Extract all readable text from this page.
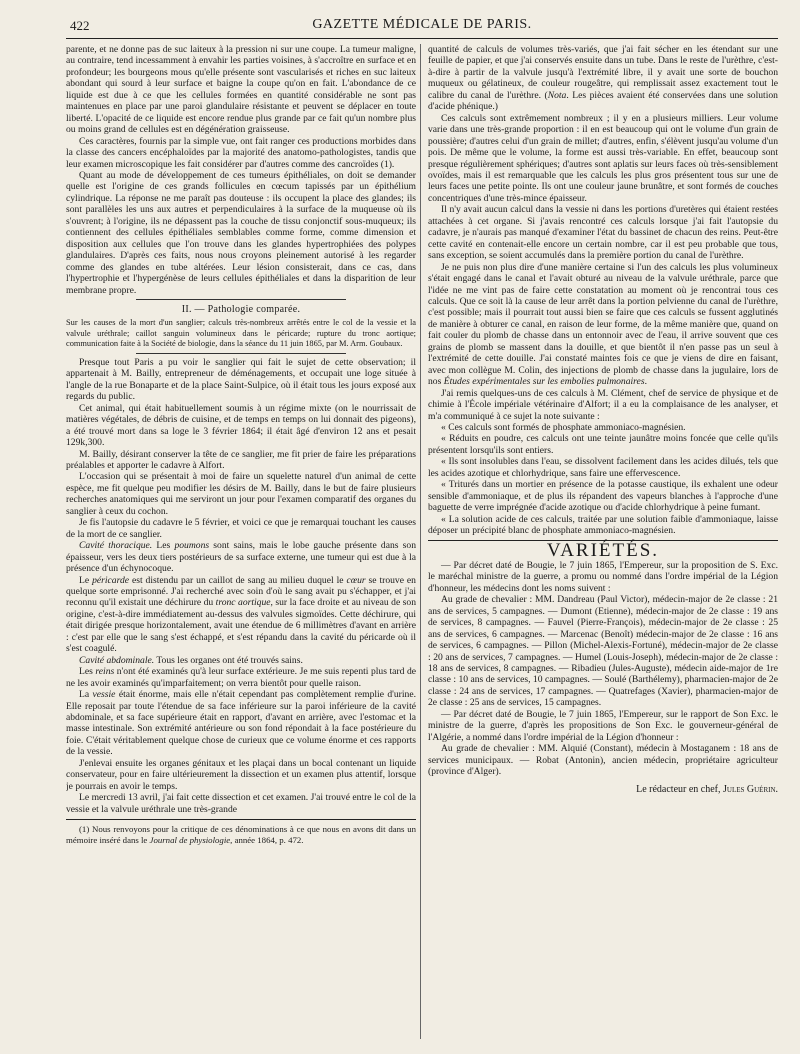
422	GAZETTE MÉDICALE DE PARIS.

parente, et ne donne pas de suc laiteux à la pression ni sur une coupe. La tumeur maligne, au contraire, tend incessamment à envahir les parties voisines, à s'accroître en surface et en profondeur; les bourgeons mous qu'elle présente sont vascularisés et riches en suc laiteux abondant qui sourd à leur surface et baigne la coupe qu'on en fait. L'abondance de ce liquide est due à ce que les cellules formées en quantité considérable ne sont pas maintenues en place par une paroi glandulaire résistante et peuvent se déplacer en toute liberté. L'opacité de ce liquide est encore rendue plus grande par ce fait qu'un nombre plus ou moins grand de cellules est en dégénération graisseuse.

Ces caractères, fournis par la simple vue, ont fait ranger ces productions morbides dans la classe des cancers encéphaloïdes par la majorité des anatomo-pathologistes, tandis que leur examen microscopique les fait considérer par d'autres comme des cancroïdes (1).

Quant au mode de développement de ces tumeurs épithéliales, on doit se demander quelle est l'origine de ces grands follicules en cœcum tapissés par un épithélium cylindrique. La réponse ne me paraît pas douteuse : ils occupent la place des glandes; ils sont parallèles les uns aux autres et perpendiculaires à la surface de la muqueuse où ils s'ouvrent; à l'origine, ils ne dépassent pas la couche de tissu conjonctif sous-muqueux; ils contiennent des cellules épithéliales semblables comme forme, comme dimension et disposition aux cellules que l'on trouve dans les glandes hypertrophiées des polypes glandulaires. D'après ces faits, nous nous croyons pleinement autorisé à les regarder comme des glandes en tube altérées. Leur lésion consisterait, dans ce cas, dans l'hypertrophie et l'hypergénèse de leurs cellules épithéliales et dans la disparition de leur membrane propre.

II. — Pathologie comparée.

Sur les causes de la mort d'un sanglier; calculs très-nombreux arrêtés entre le col de la vessie et la valvule uréthrale; caillot sanguin volumineux dans le péricarde; rupture du tronc aortique; communication faite à la Société de biologie, dans la séance du 11 juin 1865, par M. Arm. Goubaux.

Presque tout Paris a pu voir le sanglier qui fait le sujet de cette observation; il appartenait à M. Bailly, entrepreneur de déménagements, et occupait une loge située à l'angle de la rue Bonaparte et de la place Saint-Sulpice, où il était tous les jours exposé aux regards du public.

Cet animal, qui était habituellement soumis à un régime mixte (on le nourrissait de matières végétales, de débris de cuisine, et de temps en temps on lui donnait des pigeons), a été trouvé mort dans sa loge le 3 février 1864; il était âgé d'environ 12 ans et pesait 129k,300.

M. Bailly, désirant conserver la tête de ce sanglier, me fit prier de faire les préparations préalables et apporter le cadavre à Alfort.

L'occasion qui se présentait à moi de faire un squelette naturel d'un animal de cette espèce, me fit quelque peu modifier les désirs de M. Bailly, dans le but de faire plusieurs recherches anatomiques qui me serviront un jour pour l'examen comparatif des organes du sanglier à ceux du cochon.

Je fis l'autopsie du cadavre le 5 février, et voici ce que je remarquai touchant les causes de la mort de ce sanglier.

Cavité thoracique. Les poumons sont sains, mais le lobe gauche présente dans son épaisseur, vers les deux tiers postérieurs de sa surface externe, une tumeur qui est due à la présence d'un échynocoque.

Le péricarde est distendu par un caillot de sang au milieu duquel le cœur se trouve en quelque sorte emprisonné. J'ai recherché avec soin d'où le sang avait pu s'échapper, et j'ai reconnu qu'il existait une déchirure du tronc aortique, sur la face droite et au niveau de son origine, c'est-à-dire immédiatement au-dessus des valvules sigmoïdes. Cette déchirure, qui était dirigée presque horizontalement, avait une étendue de 6 millimètres d'avant en arrière : c'est par elle que le sang s'est échappé, et s'est répandu dans la cavité du péricarde où il s'est coagulé.

Cavité abdominale. Tous les organes ont été trouvés sains.

Les reins n'ont été examinés qu'à leur surface extérieure. Je me suis repenti plus tard de ne les avoir examinés qu'imparfaitement; on verra bientôt pour quelle raison.

La vessie était énorme, mais elle n'était cependant pas complètement remplie d'urine. Elle reposait par toute l'étendue de sa face inférieure sur la paroi inférieure de la cavité abdominale, et sa face supérieure était en rapport, d'avant en arrière, avec l'estomac et la masse intestinale. Son extrémité antérieure ou son fond répondait à la face postérieure du foie. C'était véritablement quelque chose de curieux que ce volume énorme et ces rapports de la vessie.

J'enlevai ensuite les organes génitaux et les plaçai dans un bocal contenant un liquide conservateur, pour en faire ultérieurement la dissection et un examen plus attentif, lorsque je pourrais en avoir le temps.

Le mercredi 13 avril, j'ai fait cette dissection et cet examen. J'ai trouvé entre le col de la vessie et la valvule uréthrale une très-grande

(1) Nous renvoyons pour la critique de ces dénominations à ce que nous en avons dit dans un mémoire inséré dans le Journal de physiologie, année 1864, p. 472.

quantité de calculs de volumes très-variés, que j'ai fait sécher en les étendant sur une feuille de papier, et que j'ai conservés ensuite dans un tube. Dans le reste de l'urèthre, c'est-à-dire à partir de la valvule jusqu'à l'extrémité libre, il y avait une sorte de bouchon muqueux ou gélatineux, de couleur rougeâtre, qui remplissait assez exactement tout le calibre du canal de l'urèthre. (Nota. Les pièces avaient été conservées dans une solution d'acide phénique.)

Ces calculs sont extrêmement nombreux ; il y en a plusieurs milliers. Leur volume varie dans une très-grande proportion : il en est beaucoup qui ont le volume d'un grain de poussière; d'autres celui d'un grain de millet; d'autres, enfin, s'élèvent jusqu'au volume d'un pois. De même que le volume, la forme est aussi très-variable. En effet, beaucoup sont presque régulièrement sphériques; d'autres sont aplatis sur leurs faces où très-sensiblement ovoïdes, mais il est remarquable que les calculs les plus gros présentent tous sur une de leurs faces une petite pointe. Ils ont une couleur jaune brunâtre, et sont formés de couches concentriques d'une très-mince épaisseur.

Il n'y avait aucun calcul dans la vessie ni dans les portions d'uretères qui étaient restées attachées à cet organe. Si j'avais rencontré ces calculs lorsque j'ai fait l'autopsie du cadavre, je n'aurais pas manqué d'examiner l'état du bassinet de chacun des reins. Peut-être cette cavité en contenait-elle encore un certain nombre, car il est peu probable que tous, sans exception, se soient accumulés dans la première portion du canal de l'urèthre.

Je ne puis non plus dire d'une manière certaine si l'un des calculs les plus volumineux s'était engagé dans le canal et l'avait obturé au niveau de la valvule uréthrale, parce que l'idée ne me vint pas de faire cette constatation au moment où je rencontrai tous ces calculs. Que ce soit là la cause de leur arrêt dans la portion pelvienne du canal de l'urèthre, c'est possible; mais il pourrait tout aussi bien se faire que ces calculs se fussent agglutinés de manière à obturer ce canal, en raison de leur forme, de la même manière que, quand on fait couler du plomb de chasse dans un entonnoir avec de l'eau, il arrive souvent que ces grains de plomb se massent dans la douille, et que bientôt il n'en passe pas un seul à l'extrémité de cette douille. J'ai constaté maintes fois ce que je viens de dire en faisant, avec mon collègue M. Colin, des injections de plomb de chasse dans la jugulaire, lors de nos Études expérimentales sur les embolies pulmonaires.

J'ai remis quelques-uns de ces calculs à M. Clément, chef de service de physique et de chimie à l'École impériale vétérinaire d'Alfort; il a eu la complaisance de les analyser, et m'a communiqué à ce sujet la note suivante :

« Ces calculs sont formés de phosphate ammoniaco-magnésien.

« Réduits en poudre, ces calculs ont une teinte jaunâtre moins foncée que celle qu'ils présentent lorsqu'ils sont entiers.

« Ils sont insolubles dans l'eau, se dissolvent facilement dans les acides dilués, tels que les acides azotique et chlorhydrique, sans faire une effervescence.

« Triturés dans un mortier en présence de la potasse caustique, ils exhalent une odeur sensible d'ammoniaque, et de plus ils répandent des vapeurs blanches à l'approche d'une baguette de verre imprégnée d'acide azotique ou d'acide chlorhydrique à peine fumant.

« La solution acide de ces calculs, traitée par une solution faible d'ammoniaque, laisse déposer un précipité blanc de phosphate ammoniaco-magnésien.

VARIÉTÉS.

— Par décret daté de Bougie, le 7 juin 1865, l'Empereur, sur la proposition de S. Exc. le maréchal ministre de la guerre, a promu ou nommé dans l'ordre impérial de la Légion d'honneur, les médecins dont les noms suivent :

Au grade de chevalier : MM. Dandreau (Paul Victor), médecin-major de 2e classe : 21 ans de services, 5 campagnes. — Dumont (Etienne), médecin-major de 2e classe : 19 ans de services, 8 campagnes. — Fauvel (Pierre-François), médecin-major de 2e classe : 25 ans de services, 6 campagnes. — Marcenac (Benoît) médecin-major de 2e classe : 16 ans de services, 6 campagnes. — Pillon (Michel-Alexis-Fortuné), médecin-major de 2e classe : 20 ans de services, 7 campagnes. — Humel (Louis-Joseph), médecin-major de 2e classe : 18 ans de services, 8 campagnes. — Ribadieu (Jules-Auguste), médecin aide-major de 1re classe : 10 ans de services, 10 campagnes. — Soulé (Barthélemy), pharmacien-major de 2e classe : 24 ans de services, 17 campagnes. — Quatrefages (Xavier), pharmacien-major de 2e classe : 25 ans de services, 15 campagnes.

— Par décret daté de Bougie, le 7 juin 1865, l'Empereur, sur le rapport de Son Exc. le ministre de la guerre, d'après les propositions de Son Exc. le gouverneur-général de l'Algérie, a nommé dans l'ordre impérial de la Légion d'honneur :

Au grade de chevalier : MM. Alquié (Constant), médecin à Mostaganem : 18 ans de services municipaux. — Robat (Antonin), ancien médecin, propriétaire agriculteur (province d'Alger).

Le rédacteur en chef, Jules Guérin.
